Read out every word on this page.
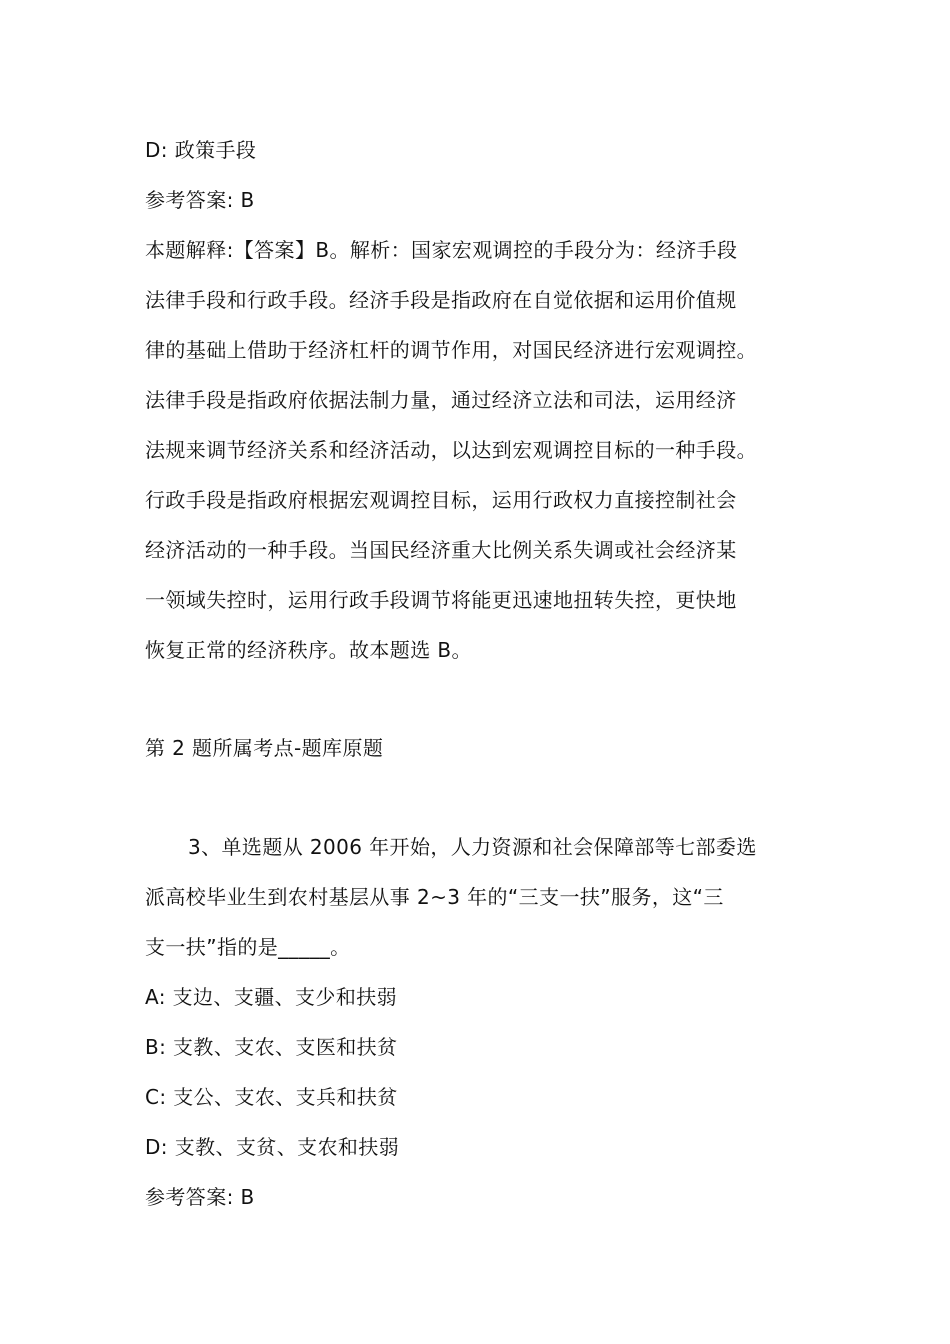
D: 政策手段
参考答案: B
本题解释:【答案】B。解析：国家宏观调控的手段分为：经济手段
法律手段和行政手段。经济手段是指政府在自觉依据和运用价值规
律的基础上借助于经济杠杆的调节作用，对国民经济进行宏观调控。
法律手段是指政府依据法制力量，通过经济立法和司法，运用经济
法规来调节经济关系和经济活动，以达到宏观调控目标的一种手段。
行政手段是指政府根据宏观调控目标，运用行政权力直接控制社会
经济活动的一种手段。当国民经济重大比例关系失调或社会经济某
一领域失控时，运用行政手段调节将能更迅速地扭转失控，更快地
恢复正常的经济秩序。故本题选 B。
第 2 题所属考点-题库原题
3、单选题从 2006 年开始，人力资源和社会保障部等七部委选
派高校毕业生到农村基层从事 2~3 年的“三支一扶”服务，这“三
支一扶”指的是_____。
A: 支边、支疆、支少和扶弱
B: 支教、支农、支医和扶贫
C: 支公、支农、支兵和扶贫
D: 支教、支贫、支农和扶弱
参考答案: B
